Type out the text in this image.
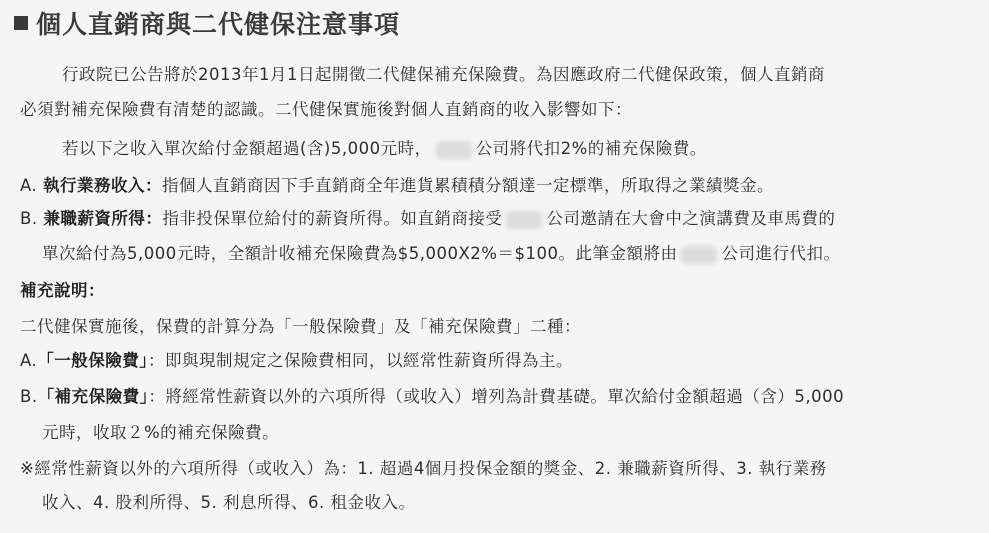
個人直銷商與二代健保注意事項
行政院已公告將於2013年1月1日起開徵二代健保補充保險費。為因應政府二代健保政策，個人直銷商
必須對補充保險費有清楚的認識。二代健保實施後對個人直銷商的收入影響如下：
若以下之收入單次給付金額超過(含)5,000元時，	公司將代扣2%的補充保險費。
A. 執行業務收入：指個人直銷商因下手直銷商全年進貨累積積分額達一定標準，所取得之業績獎金。
B. 兼職薪資所得：指非投保單位給付的薪資所得。如直銷商接受	公司邀請在大會中之演講費及車馬費的
單次給付為5,000元時，全額計收補充保險費為$5,000X2%＝$100。此筆金額將由	公司進行代扣。
補充說明：
二代健保實施後，保費的計算分為「一般保險費」及「補充保險費」二種：
A.「一般保險費」：即與現制規定之保險費相同，以經常性薪資所得為主。
B.「補充保險費」：將經常性薪資以外的六項所得（或收入）增列為計費基礎。單次給付金額超過（含）5,000
元時，收取２%的補充保險費。
※經常性薪資以外的六項所得（或收入）為：1. 超過4個月投保金額的獎金、2. 兼職薪資所得、3. 執行業務
收入、4. 股利所得、5. 利息所得、6. 租金收入。
